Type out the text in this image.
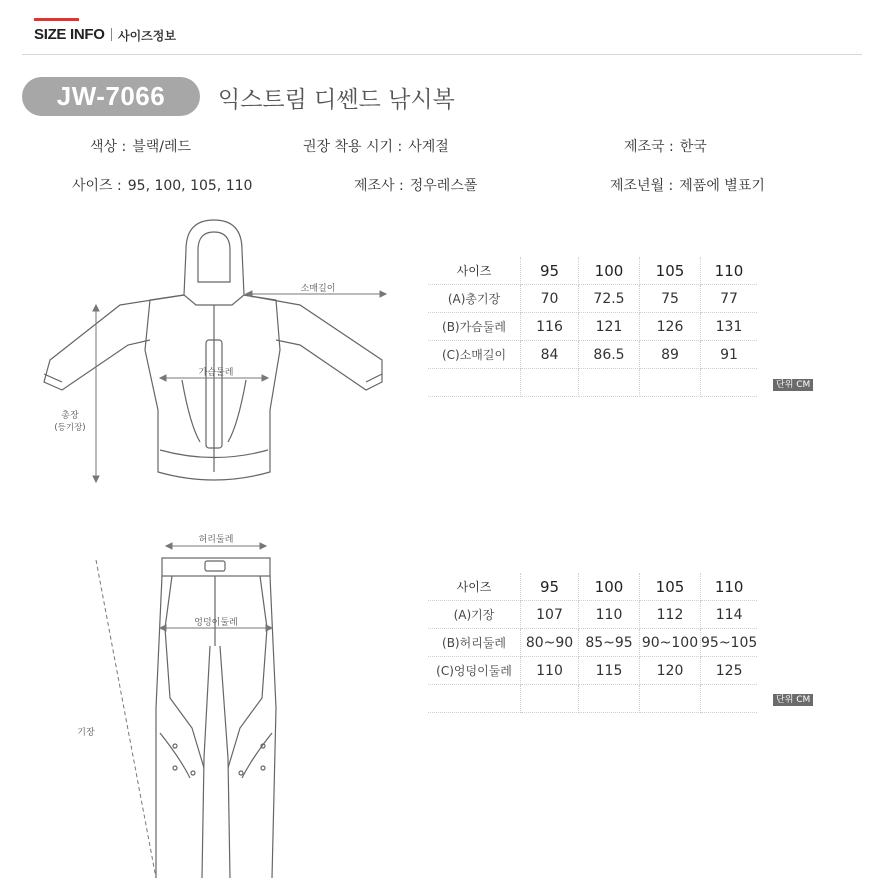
SIZE INFO 사이즈정보
JW-7066	익스트림 디쎈드 낚시복
색상 : 블랙/레드	권장 착용 시기 : 사계절	제조국 : 한국
사이즈 : 95, 100, 105, 110	제조사 : 정우레스폴	제조년월 : 제품에 별표기
소매길이
가슴둘레
총장
(등기장)
사이즈	95	100	105	110
(A)총기장	70	72.5	75	77
(B)가슴둘레	116	121	126	131
(C)소매길이	84	86.5	89	91

단위 CM
허리둘레
엉덩이둘레
기장
사이즈	95	100	105	110
(A)기장	107	110	112	114
(B)허리둘레	80~90	85~95	90~100	95~105
(C)엉덩이둘레	110	115	120	125

단위 CM
